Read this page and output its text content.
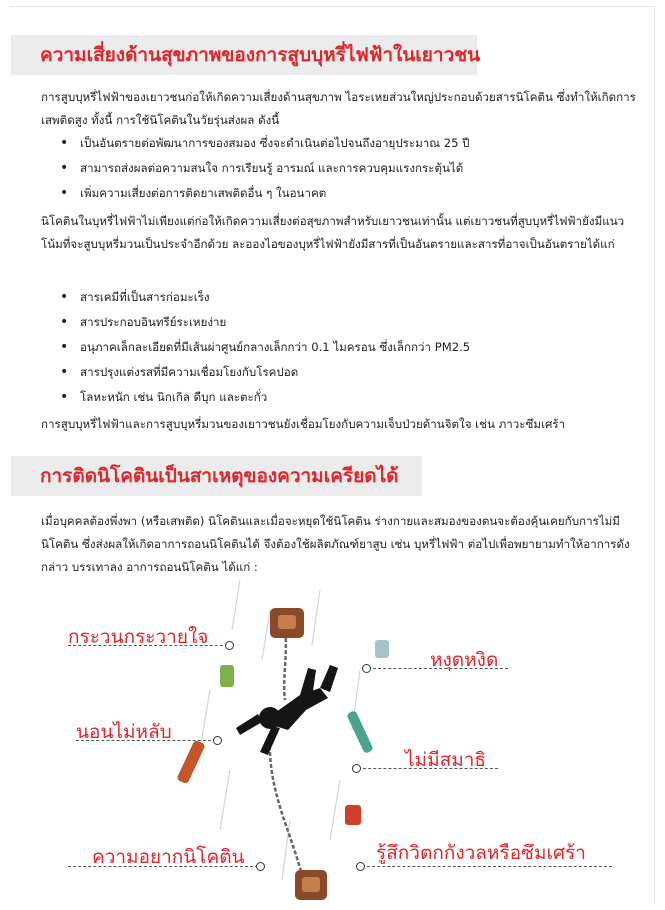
ความเสี่ยงด้านสุขภาพของการสูบบุหรี่ไฟฟ้าในเยาวชน
การสูบบุหรี่ไฟฟ้าของเยาวชนก่อให้เกิดความเสี่ยงด้านสุขภาพ ไอระเหยส่วนใหญ่ประกอบด้วยสารนิโคติน ซึ่งทำให้เกิดการเสพติดสูง ทั้งนี้ การใช้นิโคตินในวัยรุ่นส่งผล ดังนี้
• เป็นอันตรายต่อพัฒนาการของสมอง ซึ่งจะดำเนินต่อไปจนถึงอายุประมาณ 25 ปี
• สามารถส่งผลต่อความสนใจ การเรียนรู้ อารมณ์ และการควบคุมแรงกระตุ้นได้
• เพิ่มความเสี่ยงต่อการติดยาเสพติดอื่น ๆ ในอนาคต
นิโคตินในบุหรี่ไฟฟ้าไม่เพียงแต่ก่อให้เกิดความเสี่ยงต่อสุขภาพสำหรับเยาวชนเท่านั้น แต่เยาวชนที่สูบบุหรี่ไฟฟ้ายังมีแนวโน้มที่จะสูบบุหรี่มวนเป็นประจำอีกด้วย ละอองไอของบุหรี่ไฟฟ้ายังมีสารที่เป็นอันตรายและสารที่อาจเป็นอันตรายได้แก่
• สารเคมีที่เป็นสารก่อมะเร็ง
• สารประกอบอินทรีย์ระเหยง่าย
• อนุภาคเล็กละเอียดที่มีเส้นผ่าศูนย์กลางเล็กกว่า 0.1 ไมครอน ซึ่งเล็กกว่า PM2.5
• สารปรุงแต่งรสที่มีความเชื่อมโยงกับโรคปอด
• โลหะหนัก เช่น นิกเกิล ดีบุก และตะกั่ว
การสูบบุหรี่ไฟฟ้าและการสูบบุหรี่มวนของเยาวชนยังเชื่อมโยงกับความเจ็บป่วยด้านจิตใจ เช่น ภาวะซึมเศร้า
การติดนิโคตินเป็นสาเหตุของความเครียดได้
เมื่อบุคคลต้องพึ่งพา (หรือเสพติด) นิโคตินและเมื่อจะหยุดใช้นิโคติน ร่างกายและสมองของตนจะต้องคุ้นเคยกับการไม่มีนิโคติน ซึ่งส่งผลให้เกิดอาการถอนนิโคตินได้ จึงต้องใช้ผลิตภัณฑ์ยาสูบ เช่น บุหรี่ไฟฟ้า ต่อไปเพื่อพยายามทำให้อาการดังกล่าว บรรเทาลง อาการถอนนิโคติน ได้แก่ :
กระวนกระวายใจ
หงุดหงิด
นอนไม่หลับ
ไม่มีสมาธิ
ความอยากนิโคติน	รู้สึกวิตกกังวลหรือซึมเศร้า
